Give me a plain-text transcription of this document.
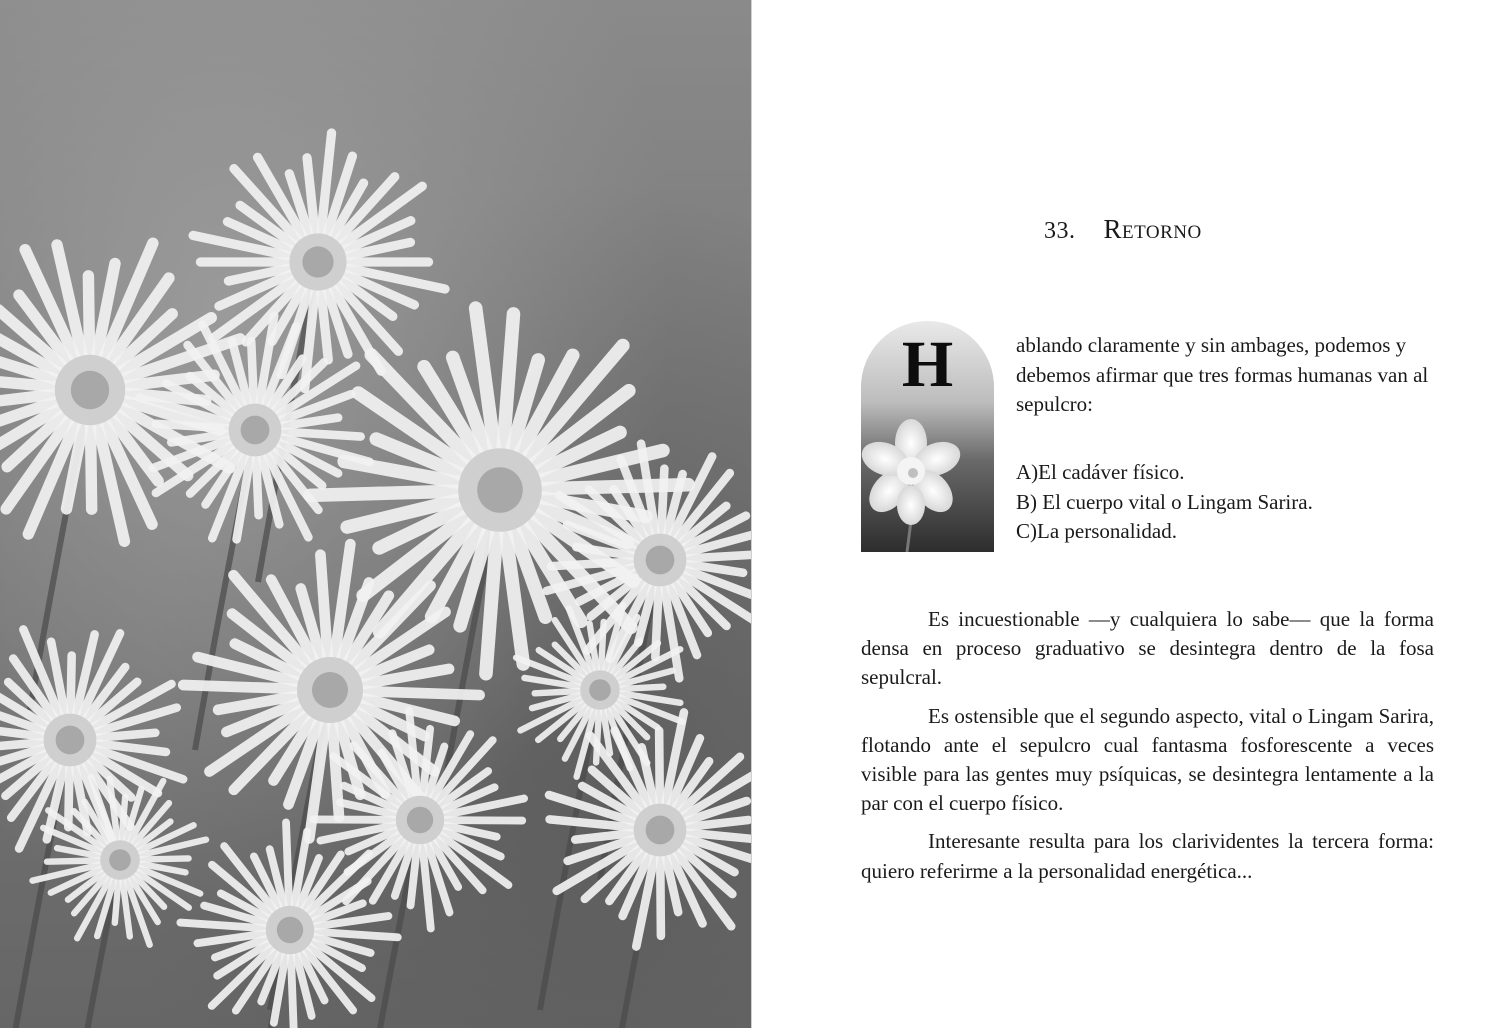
33. Retorno
H	ablando claramente y sin ambages, podemos y debemos afirmar que tres formas humanas van al sepulcro:

A)El cadáver físico.
B) El cuerpo vital o Lingam Sarira.
C)La personalidad.

Es incuestionable —y cualquiera lo sabe— que la forma densa en proceso graduativo se desintegra dentro de la fosa sepulcral.

Es ostensible que el segundo aspecto, vital o Lingam Sarira, flotando ante el sepulcro cual fantasma fosforescente a veces visible para las gentes muy psíquicas, se desintegra lentamente a la par con el cuerpo físico.

Interesante resulta para los clarividentes la tercera forma: quiero referirme a la personalidad energética...
